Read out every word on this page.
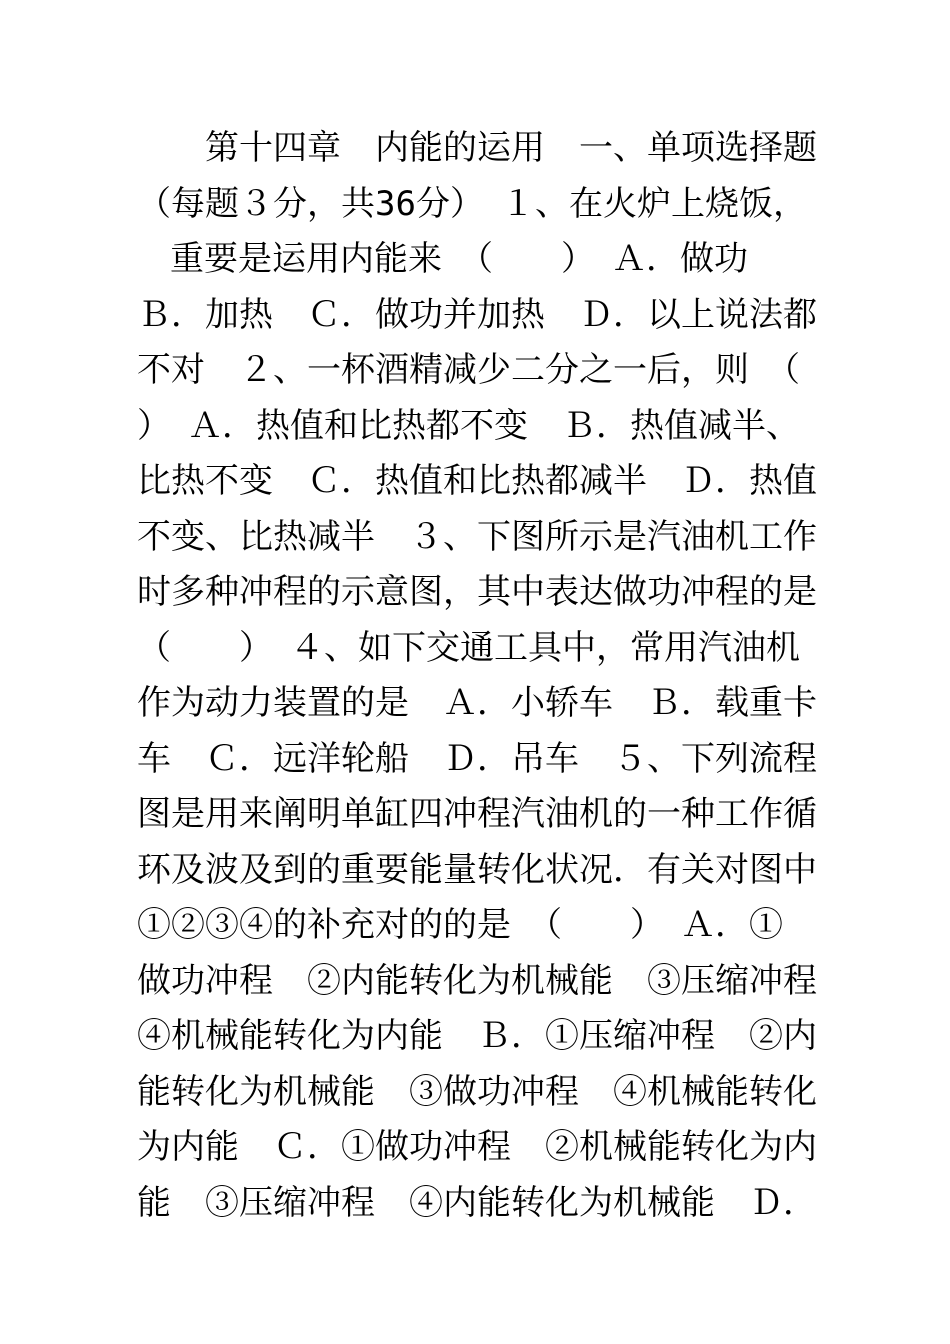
第十四章　内能的运用　一、单项选择题
（每题３分，共36分）　１、在火炉上烧饭，
重要是运用内能来　（　　）　Ａ．做功
Ｂ．加热　Ｃ．做功并加热　Ｄ．以上说法都
不对　２、一杯酒精减少二分之一后，则　（
）　Ａ．热值和比热都不变　Ｂ．热值减半、
比热不变　Ｃ．热值和比热都减半　Ｄ．热值
不变、比热减半　３、下图所示是汽油机工作
时多种冲程的示意图，其中表达做功冲程的是
（　　）　４、如下交通工具中，常用汽油机
作为动力装置的是　Ａ．小轿车　Ｂ．载重卡
车　Ｃ．远洋轮船　Ｄ．吊车　５、下列流程
图是用来阐明单缸四冲程汽油机的一种工作循
环及波及到的重要能量转化状况．有关对图中
①②③④的补充对的的是　（　　）　Ａ．①
做功冲程　②内能转化为机械能　③压缩冲程
④机械能转化为内能　Ｂ．①压缩冲程　②内
能转化为机械能　③做功冲程　④机械能转化
为内能　Ｃ．①做功冲程　②机械能转化为内
能　③压缩冲程　④内能转化为机械能　Ｄ．
